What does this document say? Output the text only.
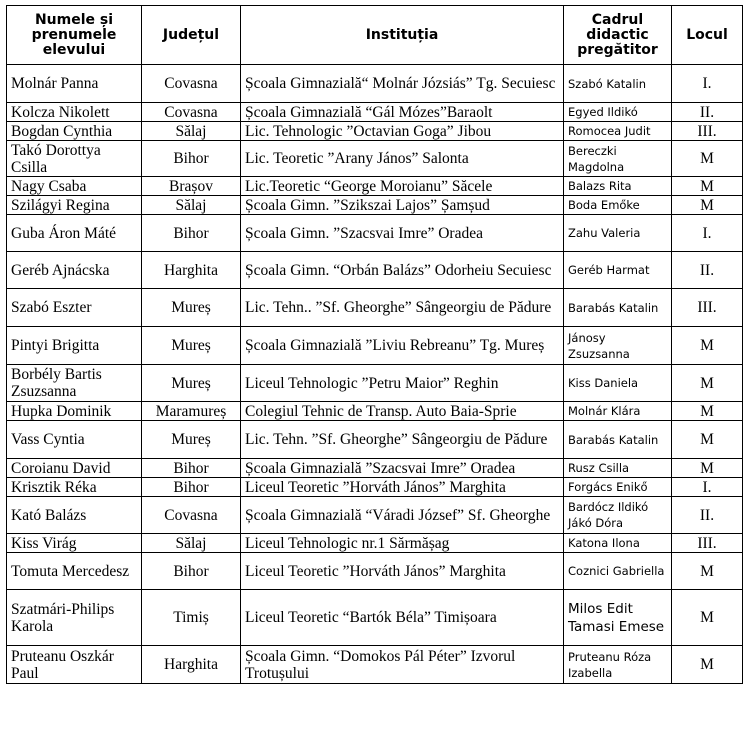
Numele și prenumele elevului	Județul	Instituția	Cadrul didactic pregătitor	Locul
Molnár Panna	Covasna	Școala Gimnazială“ Molnár Józsiás” Tg. Secuiesc	Szabó Katalin	I.
Kolcza Nikolett	Covasna	Școala Gimnazială “Gál Mózes”Baraolt	Egyed Ildikó	II.
Bogdan Cynthia	Sălaj	Lic. Tehnologic ”Octavian Goga” Jibou	Romocea Judit	III.
Takó Dorottya Csilla	Bihor	Lic. Teoretic ”Arany János” Salonta	Bereczki Magdolna	M
Nagy Csaba	Brașov	Lic.Teoretic “George Moroianu” Săcele	Balazs Rita	M
Szilágyi Regina	Sălaj	Școala Gimn. ”Szikszai Lajos” Șamșud	Boda Emőke	M
Guba Áron Máté	Bihor	Școala Gimn. ”Szacsvai Imre” Oradea	Zahu Valeria	I.
Geréb Ajnácska	Harghita	Școala Gimn. “Orbán Balázs” Odorheiu Secuiesc	Geréb Harmat	II.
Szabó Eszter	Mureș	Lic. Tehn.. ”Sf. Gheorghe” Sângeorgiu de Pădure	Barabás Katalin	III.
Pintyi Brigitta	Mureș	Școala Gimnazială ”Liviu Rebreanu” Tg. Mureș	Jánosy Zsuzsanna	M
Borbély Bartis Zsuzsanna	Mureș	Liceul Tehnologic ”Petru Maior” Reghin	Kiss Daniela	M
Hupka Dominik	Maramureș	Colegiul Tehnic de Transp. Auto Baia-Sprie	Molnár Klára	M
Vass Cyntia	Mureș	Lic. Tehn. ”Sf. Gheorghe” Sângeorgiu de Pădure	Barabás Katalin	M
Coroianu David	Bihor	Școala Gimnazială ”Szacsvai Imre” Oradea	Rusz Csilla	M
Krisztik Réka	Bihor	Liceul Teoretic ”Horváth János” Marghita	Forgács Enikő	I.
Kató Balázs	Covasna	Școala Gimnazială “Váradi József” Sf. Gheorghe	Bardócz Ildikó Jákó Dóra	II.
Kiss Virág	Sălaj	Liceul Tehnologic nr.1 Sărmășag	Katona Ilona	III.
Tomuta Mercedesz	Bihor	Liceul Teoretic ”Horváth János” Marghita	Coznici Gabriella	M
Szatmári-Philips Karola	Timiș	Liceul Teoretic “Bartók Béla” Timișoara	Milos Edit Tamasi Emese	M
Pruteanu Oszkár Paul	Harghita	Școala Gimn. “Domokos Pál Péter” Izvorul Trotușului	Pruteanu Róza Izabella	M
